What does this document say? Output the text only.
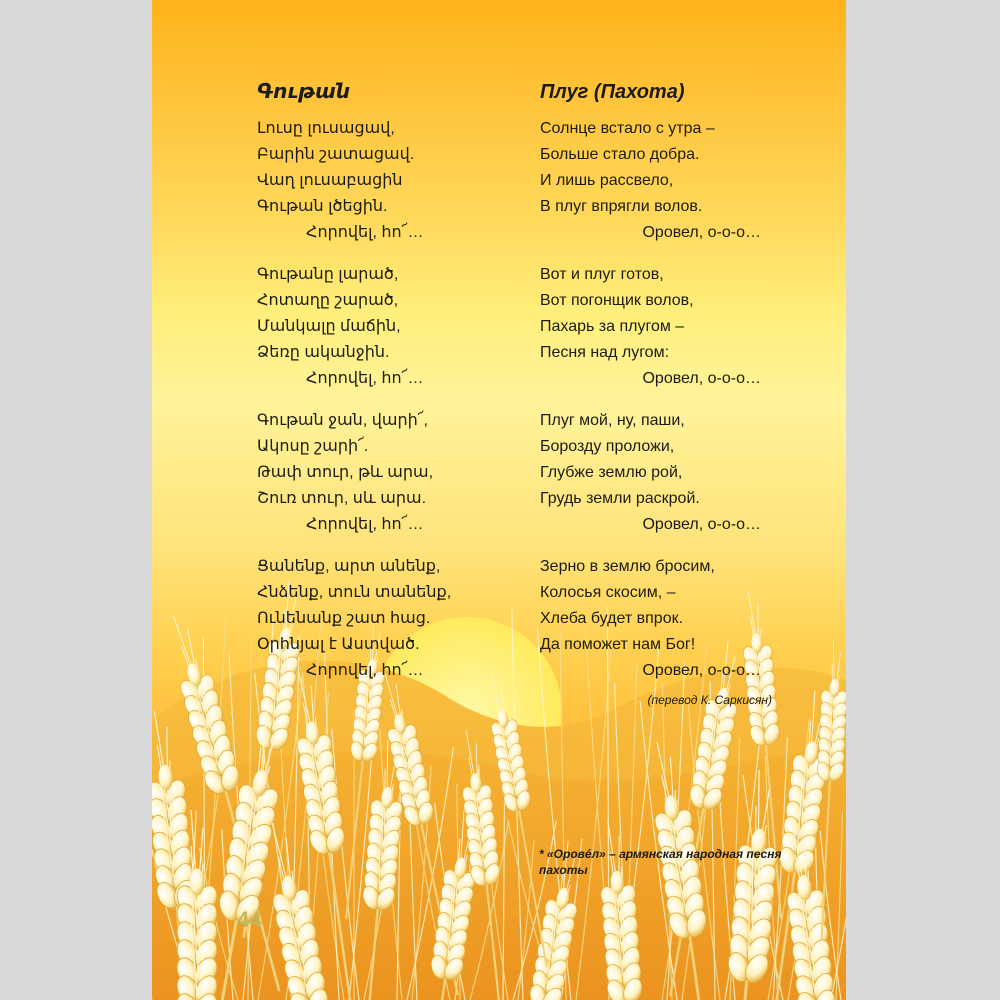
Գութան
Լուսը լուսացավ,
Բարին շատացավ.
Վաղ լուսաբացին
Գութան լծեցին.
Հորովել, հո՜…
Գութանը լարած,
Հոտաղը շարած,
Մանկալը մաճին,
Ձեռը ականջին.
Հորովել, հո՜…
Գութան ջան, վարի՜,
Ակոսը շարի՜.
Թափ տուր, թև արա,
Շուռ տուր, սև արա.
Հորովել, հո՜…
Ցանենք, արտ անենք,
Հնձենք, տուն տանենք,
Ունենանք շատ հաց.
Օրհնյալ է Աստված.
Հորովել, հո՜…
Плуг (Пахота)
Солнце встало с утра –
Больше стало добра.
И лишь рассвело,
В плуг впрягли волов.
Оровел, о-о-о…
Вот и плуг готов,
Вот погонщик волов,
Пахарь за плугом –
Песня над лугом:
Оровел, о-о-о…
Плуг мой, ну, паши,
Борозду проложи,
Глубже землю рой,
Грудь земли раскрой.
Оровел, о-о-о…
Зерно в землю бросим,
Колосья скосим, –
Хлеба будет впрок.
Да поможет нам Бог!
Оровел, о-о-о…
(перевод К. Саркисян)
* «Оровéл» – армянская народная песня пахоты
44
